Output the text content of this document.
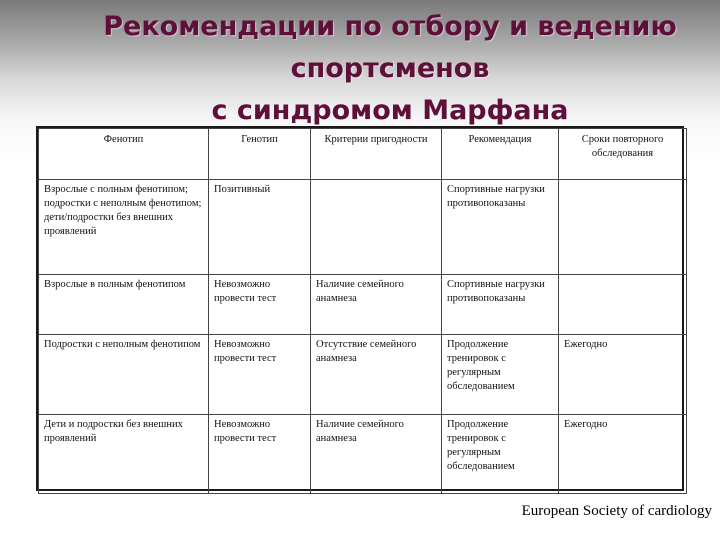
Рекомендации по отбору и ведению
спортсменов
с синдромом Марфана
Фенотип	Генотип	Критерии пригодности	Рекомендация	Сроки повторного обследования
Взрослые с полным фенотипом; подростки с неполным фенотипом; дети/подростки без внешних проявлений	Позитивный		Спортивные нагрузки противопоказаны	
Взрослые в полным фенотипом	Невозможно провести тест	Наличие семейного анамнеза	Спортивные нагрузки противопоказаны	
Подростки с неполным фенотипом	Невозможно провести тест	Отсутствие семейного анамнеза	Продолжение тренировок с регулярным обследованием	Ежегодно
Дети и подростки без внешних проявлений	Невозможно провести тест	Наличие семейного анамнеза	Продолжение тренировок с регулярным обследованием	Ежегодно
European Society of cardiology
